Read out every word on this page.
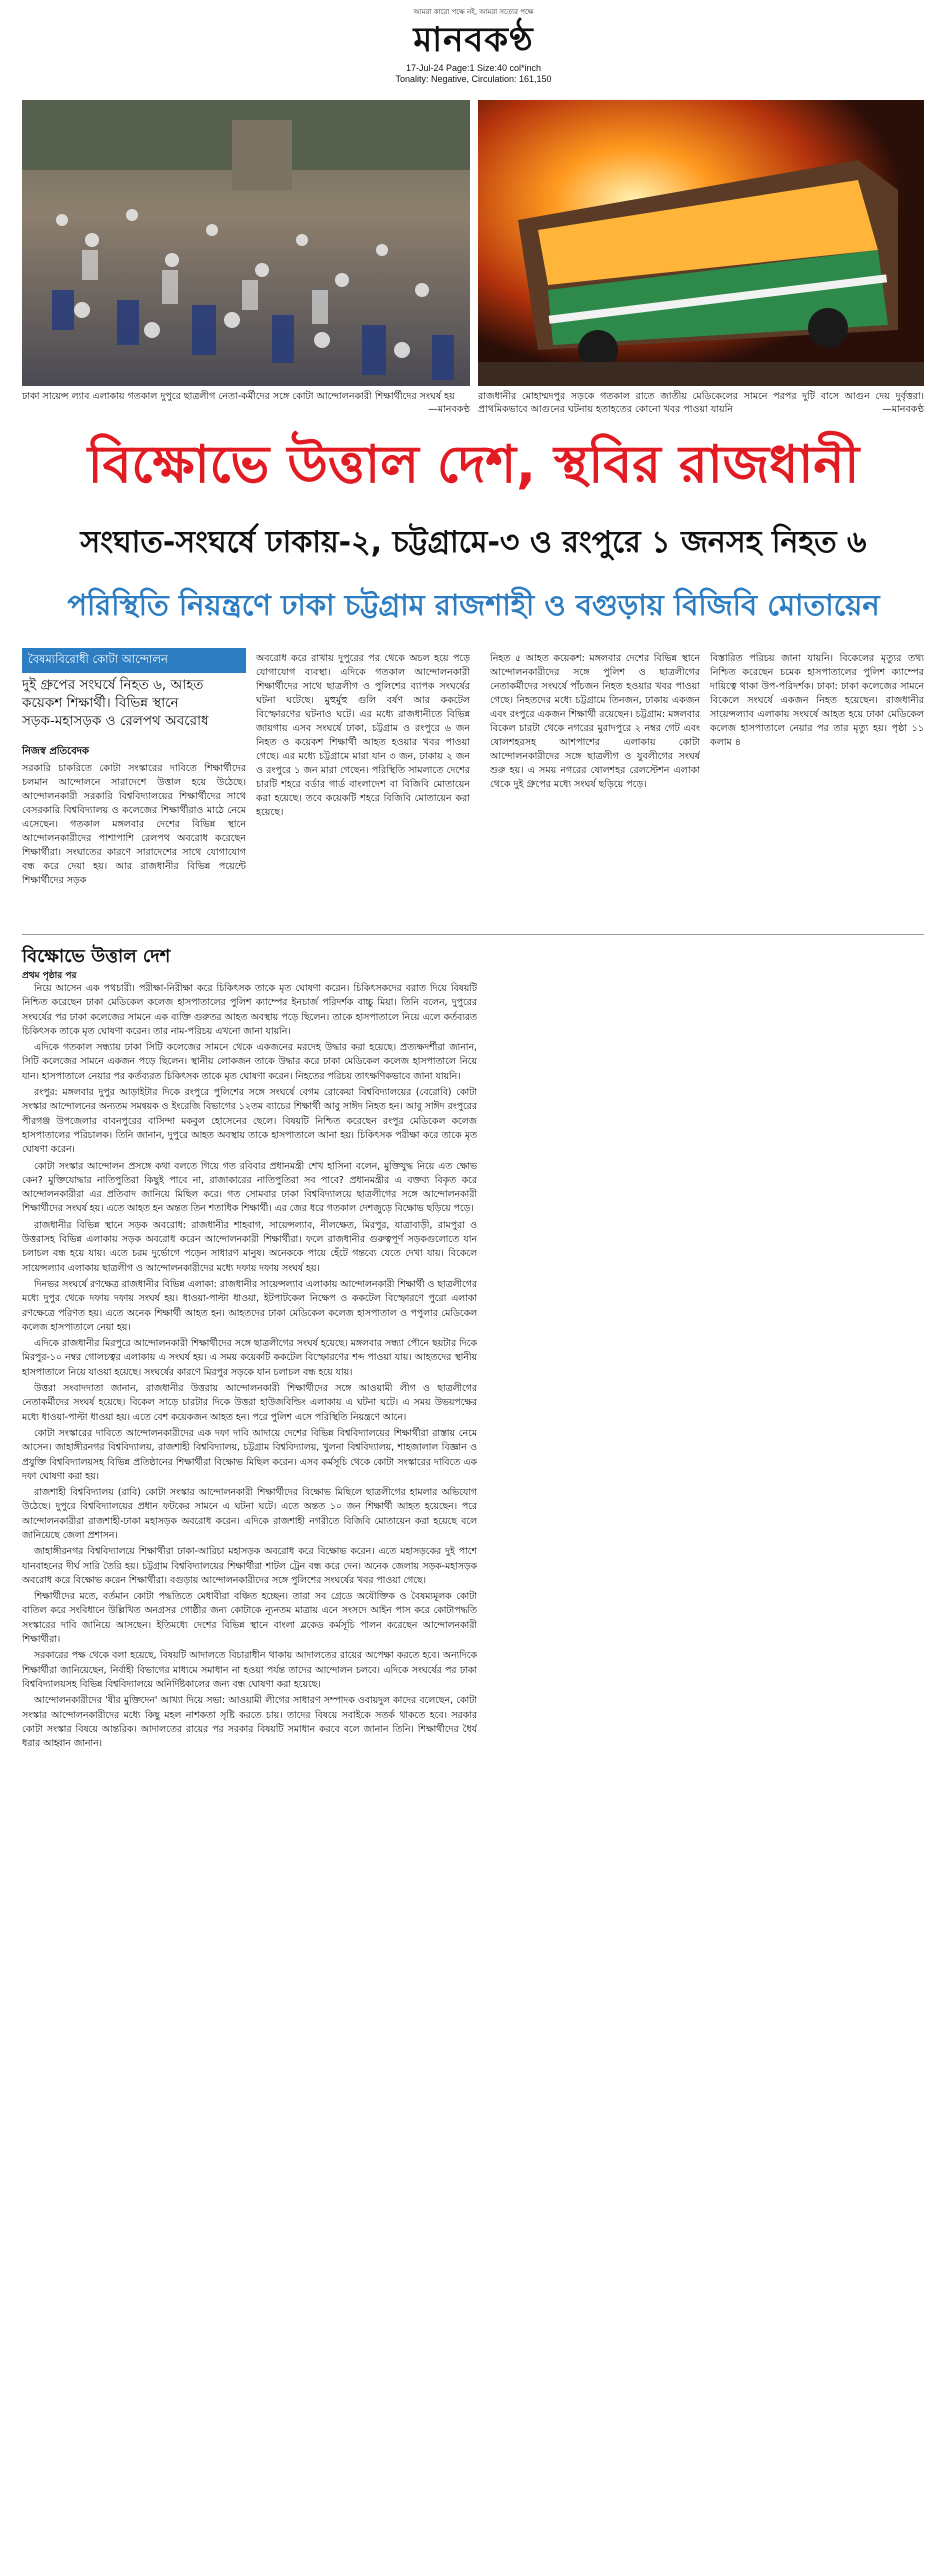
আমরা কারো পক্ষে নই, আমরা সত্যের পক্ষে
মানবকণ্ঠ
17-Jul-24 Page:1 Size:40 col*inch
Tonality: Negative, Circulation: 161,150
ঢাকা সায়েন্স ল্যাব এলাকায় গতকাল দুপুরে ছাত্রলীগ নেতা-কর্মীদের সঙ্গে কোটা আন্দোলনকারী শিক্ষার্থীদের সংঘর্ষ হয়
—মানবকণ্ঠ
রাজধানীর মোহাম্মদপুর সড়কে গতকাল রাতে জাতীয় মেডিকেলের সামনে পরপর দুটি বাসে আগুন দেয় দুর্বৃত্তরা। প্রাথমিকভাবে আগুনের ঘটনায় হতাহতের কোনো খবর পাওয়া যায়নি	—মানবকণ্ঠ
বিক্ষোভে উত্তাল দেশ, স্থবির রাজধানী
সংঘাত-সংঘর্ষে ঢাকায়-২, চট্টগ্রামে-৩ ও রংপুরে ১ জনসহ নিহত ৬
পরিস্থিতি নিয়ন্ত্রণে ঢাকা চট্টগ্রাম রাজশাহী ও বগুড়ায় বিজিবি মোতায়েন
বৈষম্যবিরোধী কোটা আন্দোলন
দুই গ্রুপের সংঘর্ষে নিহত ৬, আহত কয়েকশ শিক্ষার্থী। বিভিন্ন স্থানে
সড়ক-মহাসড়ক ও রেলপথ অবরোধ
নিজস্ব প্রতিবেদক
সরকারি চাকরিতে কোটা সংস্কারের দাবিতে শিক্ষার্থীদের চলমান আন্দোলনে সারাদেশে উত্তাল হয়ে উঠেছে। আন্দোলনকারী সরকারি বিশ্ববিদ্যালয়ের শিক্ষার্থীদের সাথে বেসরকারি বিশ্ববিদ্যালয় ও কলেজের শিক্ষার্থীরাও মাঠে নেমে এসেছেন। গতকাল মঙ্গলবার দেশের বিভিন্ন স্থানে আন্দোলনকারীদের পাশাপাশি রেলপথ অবরোধ করেছেন শিক্ষার্থীরা। সংঘাতের কারণে সারাদেশের সাথে যোগাযোগ বন্ধ করে দেয়া হয়। আর রাজধানীর বিভিন্ন পয়েন্টে শিক্ষার্থীদের সড়ক
অবরোধ করে রাখায় দুপুরের পর থেকে অচল হয়ে পড়ে যোগাযোগ ব্যবস্থা। এদিকে গতকাল আন্দোলনকারী শিক্ষার্থীদের সাথে ছাত্রলীগ ও পুলিশের ব্যাপক সংঘর্ষের ঘটনা ঘটেছে। মুহুর্মুহু গুলি বর্ষণ আর ককটেল বিস্ফোরণের ঘটনাও ঘটে। এর মধ্যে রাজধানীতে বিভিন্ন জায়গায় এসব সংঘর্ষে ঢাকা, চট্টগ্রাম ও রংপুরে ৬ জন নিহত ও কয়েকশ শিক্ষার্থী আহত হওয়ার খবর পাওয়া গেছে। এর মধ্যে চট্টগ্রামে মারা যান ৩ জন, ঢাকায় ২ জন ও রংপুরে ১ জন মারা গেছেন। পরিস্থিতি সামলাতে দেশের চারটি শহরে বর্ডার গার্ড বাংলাদেশ বা বিজিবি মোতায়েন করা হয়েছে। তবে কয়েকটি শহরে বিজিবি মোতায়েন করা হয়েছে।
নিহত ৫ আহত কয়েকশ: মঙ্গলবার দেশের বিভিন্ন স্থানে আন্দোলনকারীদের সঙ্গে পুলিশ ও ছাত্রলীগের নেতাকর্মীদের সংঘর্ষে পাঁচজন নিহত হওয়ার খবর পাওয়া গেছে। নিহতদের মধ্যে চট্টগ্রামে তিনজন, ঢাকায় একজন এবং রংপুরে একজন শিক্ষার্থী রয়েছেন। চট্টগ্রাম: মঙ্গলবার বিকেল চারটা থেকে নগরের মুরাদপুরে ২ নম্বর গেট এবং ষোলশহরসহ আশপাশের এলাকায় কোটা আন্দোলনকারীদের সঙ্গে ছাত্রলীগ ও যুবলীগের সংঘর্ষ শুরু হয়। এ সময় নগরের ষোলশহর রেলস্টেশন এলাকা থেকে দুই গ্রুপের মধ্যে সংঘর্ষ ছড়িয়ে পড়ে।
বিস্তারিত পরিচয় জানা যায়নি। বিকেলের মৃত্যুর তথ্য নিশ্চিত করেছেন চমেক হাসপাতালের পুলিশ ক্যাম্পের দায়িত্বে থাকা উপ-পরিদর্শক। ঢাকা: ঢাকা কলেজের সামনে বিকেলে সংঘর্ষে একজন নিহত হয়েছেন। রাজধানীর সায়েন্সল্যাব এলাকায় সংঘর্ষে আহত হয়ে ঢাকা মেডিকেল কলেজ হাসপাতালে নেয়ার পর তার মৃত্যু হয়। পৃষ্ঠা ১১ কলাম ৪
বিক্ষোভে উত্তাল দেশ
প্রথম পৃষ্ঠার পর

নিয়ে আসেন এক পথচারী। পরীক্ষা-নিরীক্ষা করে চিকিৎসক তাকে মৃত ঘোষণা করেন। চিকিৎসকদের বরাত দিয়ে বিষয়টি নিশ্চিত করেছেন ঢাকা মেডিকেল কলেজ হাসপাতালের পুলিশ ক্যাম্পের ইনচার্জ পরিদর্শক বাচ্চু মিয়া। তিনি বলেন, দুপুরের সংঘর্ষের পর ঢাকা কলেজের সামনে এক ব্যক্তি গুরুতর আহত অবস্থায় পড়ে ছিলেন। তাকে হাসপাতালে নিয়ে এলে কর্তব্যরত চিকিৎসক তাকে মৃত ঘোষণা করেন। তার নাম-পরিচয় এখনো জানা যায়নি।

এদিকে গতকাল সন্ধ্যায় ঢাকা সিটি কলেজের সামনে থেকে একজনের মরদেহ উদ্ধার করা হয়েছে। প্রত্যক্ষদর্শীরা জানান, সিটি কলেজের সামনে একজন পড়ে ছিলেন। স্থানীয় লোকজন তাকে উদ্ধার করে ঢাকা মেডিকেল কলেজ হাসপাতালে নিয়ে যান। হাসপাতালে নেয়ার পর কর্তব্যরত চিকিৎসক তাকে মৃত ঘোষণা করেন। নিহতের পরিচয় তাৎক্ষণিকভাবে জানা যায়নি।

রংপুর: মঙ্গলবার দুপুর আড়াইটার দিকে রংপুরে পুলিশের সঙ্গে সংঘর্ষে বেগম রোকেয়া বিশ্ববিদ্যালয়ের (বেরোবি) কোটা সংস্কার আন্দোলনের অন্যতম সমন্বয়ক ও ইংরেজি বিভাগের ১২তম ব্যাচের শিক্ষার্থী আবু সাঈদ নিহত হন। আবু সাঈদ রংপুরের পীরগঞ্জ উপজেলার বাবনপুরের বাসিন্দা মকবুল হোসেনের ছেলে। বিষয়টি নিশ্চিত করেছেন রংপুর মেডিকেল কলেজ হাসপাতালের পরিচালক। তিনি জানান, দুপুরে আহত অবস্থায় তাকে হাসপাতালে আনা হয়। চিকিৎসক পরীক্ষা করে তাকে মৃত ঘোষণা করেন।

কোটা সংস্কার আন্দোলন প্রসঙ্গে কথা বলতে গিয়ে গত রবিবার প্রধানমন্ত্রী শেখ হাসিনা বলেন, মুক্তিযুদ্ধ নিয়ে এত ক্ষোভ কেন? মুক্তিযোদ্ধার নাতিপুতিরা কিছুই পাবে না, রাজাকারের নাতিপুতিরা সব পাবে? প্রধানমন্ত্রীর এ বক্তব্য বিকৃত করে আন্দোলনকারীরা এর প্রতিবাদ জানিয়ে মিছিল করে। গত সোমবার ঢাকা বিশ্ববিদ্যালয়ে ছাত্রলীগের সঙ্গে আন্দোলনকারী শিক্ষার্থীদের সংঘর্ষ হয়। এতে আহত হন অন্তত তিন শতাধিক শিক্ষার্থী। এর জের ধরে গতকাল দেশজুড়ে বিক্ষোভ ছড়িয়ে পড়ে।

রাজধানীর বিভিন্ন স্থানে সড়ক অবরোধ: রাজধানীর শাহবাগ, সায়েন্সল্যাব, নীলক্ষেত, মিরপুর, যাত্রাবাড়ী, রামপুরা ও উত্তরাসহ বিভিন্ন এলাকায় সড়ক অবরোধ করেন আন্দোলনকারী শিক্ষার্থীরা। ফলে রাজধানীর গুরুত্বপূর্ণ সড়কগুলোতে যান চলাচল বন্ধ হয়ে যায়। এতে চরম দুর্ভোগে পড়েন সাধারণ মানুষ। অনেককে পায়ে হেঁটে গন্তব্যে যেতে দেখা যায়। বিকেলে সায়েন্সল্যাব এলাকায় ছাত্রলীগ ও আন্দোলনকারীদের মধ্যে দফায় দফায় সংঘর্ষ হয়।

দিনভর সংঘর্ষে রণক্ষেত্র রাজধানীর বিভিন্ন এলাকা: রাজধানীর সায়েন্সল্যাব এলাকায় আন্দোলনকারী শিক্ষার্থী ও ছাত্রলীগের মধ্যে দুপুর থেকে দফায় দফায় সংঘর্ষ হয়। ধাওয়া-পাল্টা ধাওয়া, ইটপাটকেল নিক্ষেপ ও ককটেল বিস্ফোরণে পুরো এলাকা রণক্ষেত্রে পরিণত হয়। এতে অনেক শিক্ষার্থী আহত হন। আহতদের ঢাকা মেডিকেল কলেজ হাসপাতাল ও পপুলার মেডিকেল কলেজ হাসপাতালে নেয়া হয়।

এদিকে রাজধানীর মিরপুরে আন্দোলনকারী শিক্ষার্থীদের সঙ্গে ছাত্রলীগের সংঘর্ষ হয়েছে। মঙ্গলবার সন্ধ্যা পৌনে ছয়টার দিকে মিরপুর-১০ নম্বর গোলচত্বর এলাকায় এ সংঘর্ষ হয়। এ সময় কয়েকটি ককটেল বিস্ফোরণের শব্দ পাওয়া যায়। আহতদের স্থানীয় হাসপাতালে নিয়ে যাওয়া হয়েছে। সংঘর্ষের কারণে মিরপুর সড়কে যান চলাচল বন্ধ হয়ে যায়।

উত্তরা সংবাদদাতা জানান, রাজধানীর উত্তরায় আন্দোলনকারী শিক্ষার্থীদের সঙ্গে আওয়ামী লীগ ও ছাত্রলীগের নেতাকর্মীদের সংঘর্ষ হয়েছে। বিকেল সাড়ে চারটার দিকে উত্তরা হাউজবিল্ডিং এলাকায় এ ঘটনা ঘটে। এ সময় উভয়পক্ষের মধ্যে ধাওয়া-পাল্টা ধাওয়া হয়। এতে বেশ কয়েকজন আহত হন। পরে পুলিশ এসে পরিস্থিতি নিয়ন্ত্রণে আনে।

কোটা সংস্কারের দাবিতে আন্দোলনকারীদের এক দফা দাবি আদায়ে দেশের বিভিন্ন বিশ্ববিদ্যালয়ের শিক্ষার্থীরা রাস্তায় নেমে আসেন। জাহাঙ্গীরনগর বিশ্ববিদ্যালয়, রাজশাহী বিশ্ববিদ্যালয়, চট্টগ্রাম বিশ্ববিদ্যালয়, খুলনা বিশ্ববিদ্যালয়, শাহজালাল বিজ্ঞান ও প্রযুক্তি বিশ্ববিদ্যালয়সহ বিভিন্ন প্রতিষ্ঠানের শিক্ষার্থীরা বিক্ষোভ মিছিল করেন। এসব কর্মসূচি থেকে কোটা সংস্কারের দাবিতে এক দফা ঘোষণা করা হয়।

রাজশাহী বিশ্ববিদ্যালয় (রাবি) কোটা সংস্কার আন্দোলনকারী শিক্ষার্থীদের বিক্ষোভ মিছিলে ছাত্রলীগের হামলার অভিযোগ উঠেছে। দুপুরে বিশ্ববিদ্যালয়ের প্রধান ফটকের সামনে এ ঘটনা ঘটে। এতে অন্তত ১০ জন শিক্ষার্থী আহত হয়েছেন। পরে আন্দোলনকারীরা রাজশাহী-ঢাকা মহাসড়ক অবরোধ করেন। এদিকে রাজশাহী নগরীতে বিজিবি মোতায়েন করা হয়েছে বলে জানিয়েছে জেলা প্রশাসন।

জাহাঙ্গীরনগর বিশ্ববিদ্যালয়ে শিক্ষার্থীরা ঢাকা-আরিচা মহাসড়ক অবরোধ করে বিক্ষোভ করেন। এতে মহাসড়কের দুই পাশে যানবাহনের দীর্ঘ সারি তৈরি হয়। চট্টগ্রাম বিশ্ববিদ্যালয়ের শিক্ষার্থীরা শাটল ট্রেন বন্ধ করে দেন। অনেক জেলায় সড়ক-মহাসড়ক অবরোধ করে বিক্ষোভ করেন শিক্ষার্থীরা। বগুড়ায় আন্দোলনকারীদের সঙ্গে পুলিশের সংঘর্ষের খবর পাওয়া গেছে।

শিক্ষার্থীদের মতে, বর্তমান কোটা পদ্ধতিতে মেধাবীরা বঞ্চিত হচ্ছেন। তারা সব গ্রেডে অযৌক্তিক ও বৈষম্যমূলক কোটা বাতিল করে সংবিধানে উল্লিখিত অনগ্রসর গোষ্ঠীর জন্য কোটাকে ন্যূনতম মাত্রায় এনে সংসদে আইন পাস করে কোটাপদ্ধতি সংস্কারের দাবি জানিয়ে আসছেন। ইতিমধ্যে দেশের বিভিন্ন স্থানে বাংলা ব্লকেড কর্মসূচি পালন করেছেন আন্দোলনকারী শিক্ষার্থীরা।

সরকারের পক্ষ থেকে বলা হয়েছে, বিষয়টি আদালতে বিচারাধীন থাকায় আদালতের রায়ের অপেক্ষা করতে হবে। অন্যদিকে শিক্ষার্থীরা জানিয়েছেন, নির্বাহী বিভাগের মাধ্যমে সমাধান না হওয়া পর্যন্ত তাদের আন্দোলন চলবে। এদিকে সংঘর্ষের পর ঢাকা বিশ্ববিদ্যালয়সহ বিভিন্ন বিশ্ববিদ্যালয়ে অনির্দিষ্টকালের জন্য বন্ধ ঘোষণা করা হয়েছে।

আন্দোলনকারীদের 'ষীর মুক্তিদেন' আখ্যা দিয়ে সভা: আওয়ামী লীগের সাধারণ সম্পাদক ওবায়দুল কাদের বলেছেন, কোটা সংস্কার আন্দোলনকারীদের মধ্যে কিছু মহল নাশকতা সৃষ্টি করতে চায়। তাদের বিষয়ে সবাইকে সতর্ক থাকতে হবে। সরকার কোটা সংস্কার বিষয়ে আন্তরিক। আদালতের রায়ের পর সরকার বিষয়টি সমাধান করবে বলে জানান তিনি। শিক্ষার্থীদের ধৈর্য ধরার আহ্বান জানান।
